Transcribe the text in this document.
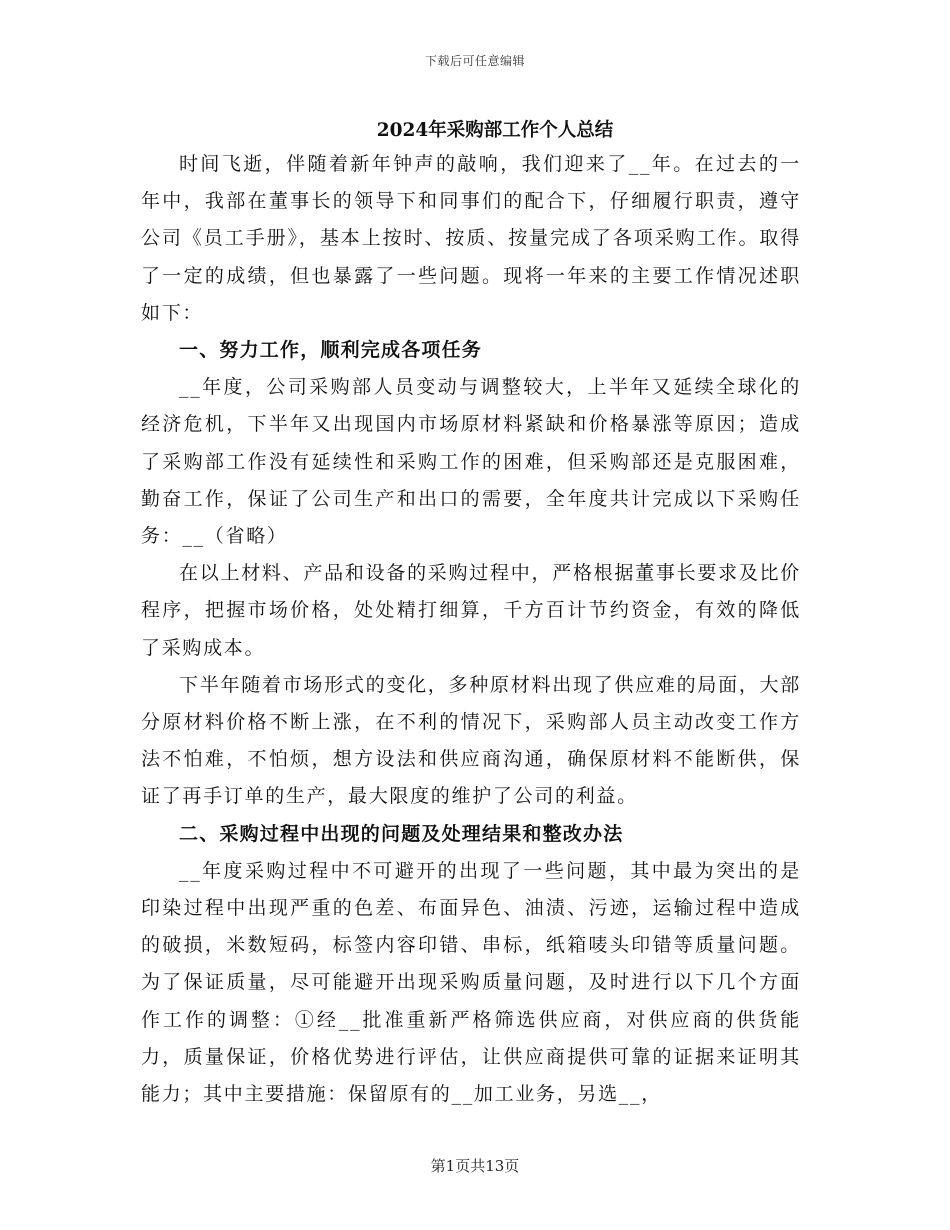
下载后可任意编辑
2024年采购部工作个人总结

时间飞逝，伴随着新年钟声的敲响，我们迎来了__年。在过去的一年中，我部在董事长的领导下和同事们的配合下，仔细履行职责，遵守公司《员工手册》，基本上按时、按质、按量完成了各项采购工作。取得了一定的成绩，但也暴露了一些问题。现将一年来的主要工作情况述职如下：

一、努力工作，顺利完成各项任务

__年度，公司采购部人员变动与调整较大，上半年又延续全球化的经济危机，下半年又出现国内市场原材料紧缺和价格暴涨等原因；造成了采购部工作没有延续性和采购工作的困难，但采购部还是克服困难，勤奋工作，保证了公司生产和出口的需要，全年度共计完成以下采购任务：__（省略）

在以上材料、产品和设备的采购过程中，严格根据董事长要求及比价程序，把握市场价格，处处精打细算，千方百计节约资金，有效的降低了采购成本。

下半年随着市场形式的变化，多种原材料出现了供应难的局面，大部分原材料价格不断上涨，在不利的情况下，采购部人员主动改变工作方法不怕难，不怕烦，想方设法和供应商沟通，确保原材料不能断供，保证了再手订单的生产，最大限度的维护了公司的利益。

二、采购过程中出现的问题及处理结果和整改办法

__年度采购过程中不可避开的出现了一些问题，其中最为突出的是印染过程中出现严重的色差、布面异色、油渍、污迹，运输过程中造成的破损，米数短码，标签内容印错、串标，纸箱唛头印错等质量问题。为了保证质量，尽可能避开出现采购质量问题，及时进行以下几个方面作工作的调整：①经__批准重新严格筛选供应商，对供应商的供货能力，质量保证，价格优势进行评估，让供应商提供可靠的证据来证明其能力；其中主要措施：保留原有的__加工业务，另选__，

第1页共13页
